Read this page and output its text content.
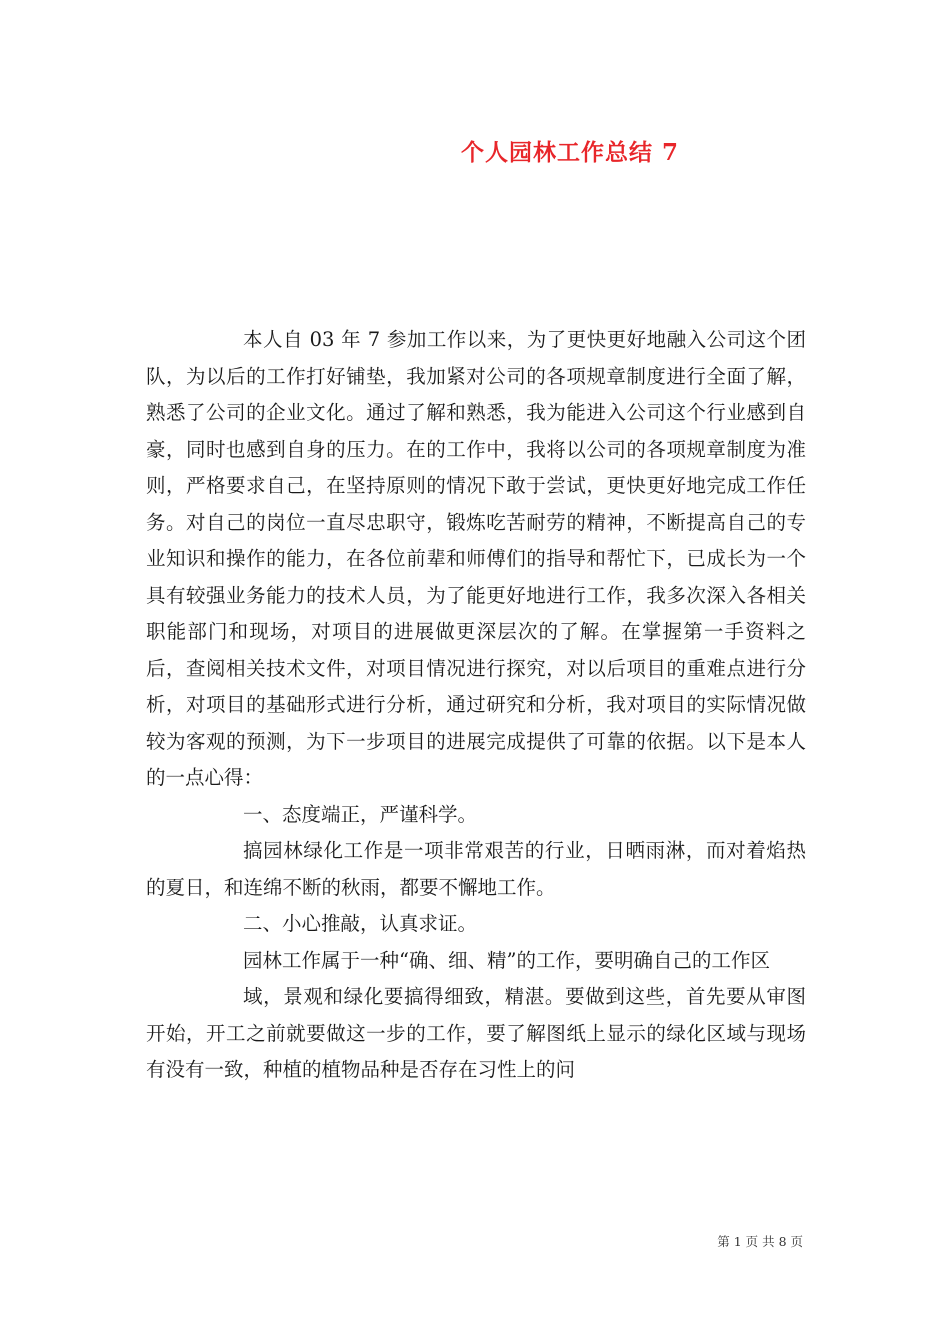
个人园林工作总结 7

本人自 03 年 7 参加工作以来，为了更快更好地融入公司这个团队，为以后的工作打好铺垫，我加紧对公司的各项规章制度进行全面了解，熟悉了公司的企业文化。通过了解和熟悉，我为能进入公司这个行业感到自豪，同时也感到自身的压力。在的工作中，我将以公司的各项规章制度为准则，严格要求自己，在坚持原则的情况下敢于尝试，更快更好地完成工作任务。对自己的岗位一直尽忠职守，锻炼吃苦耐劳的精神，不断提高自己的专业知识和操作的能力，在各位前辈和师傅们的指导和帮忙下，已成长为一个具有较强业务能力的技术人员，为了能更好地进行工作，我多次深入各相关职能部门和现场，对项目的进展做更深层次的了解。在掌握第一手资料之后，查阅相关技术文件，对项目情况进行探究，对以后项目的重难点进行分析，对项目的基础形式进行分析，通过研究和分析，我对项目的实际情况做较为客观的预测，为下一步项目的进展完成提供了可靠的依据。以下是本人的一点心得：

一、态度端正，严谨科学。

搞园林绿化工作是一项非常艰苦的行业，日晒雨淋，而对着焰热的夏日，和连绵不断的秋雨，都要不懈地工作。

二、小心推敲，认真求证。

园林工作属于一种“确、细、精”的工作，要明确自己的工作区

域，景观和绿化要搞得细致，精湛。要做到这些，首先要从审图开始，开工之前就要做这一步的工作，要了解图纸上显示的绿化区域与现场有没有一致，种植的植物品种是否存在习性上的问

第 1 页 共 8 页
